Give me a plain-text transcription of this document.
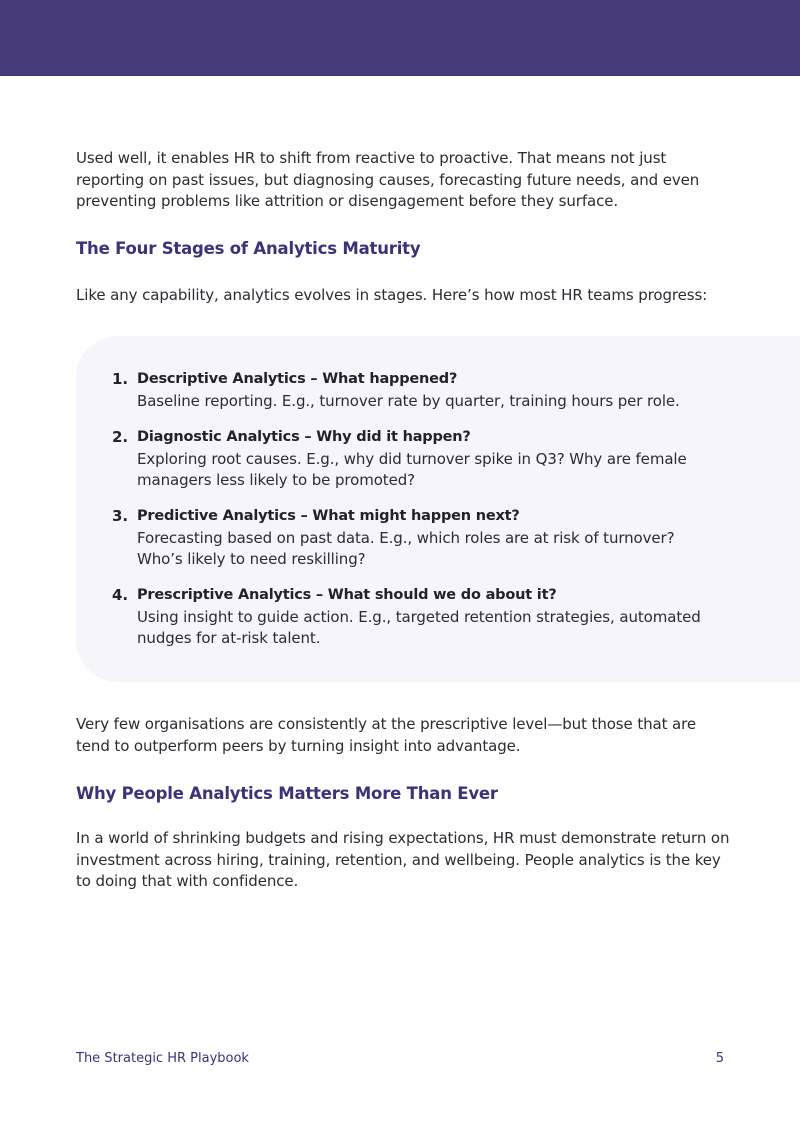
Used well, it enables HR to shift from reactive to proactive. That means not just
reporting on past issues, but diagnosing causes, forecasting future needs, and even
preventing problems like attrition or disengagement before they surface.

The Four Stages of Analytics Maturity

Like any capability, analytics evolves in stages. Here’s how most HR teams progress:

1. Descriptive Analytics – What happened?

Baseline reporting. E.g., turnover rate by quarter, training hours per role.

2. Diagnostic Analytics – Why did it happen?

Exploring root causes. E.g., why did turnover spike in Q3? Why are female
managers less likely to be promoted?

3. Predictive Analytics – What might happen next?

Forecasting based on past data. E.g., which roles are at risk of turnover?
Who’s likely to need reskilling?

4. Prescriptive Analytics – What should we do about it?

Using insight to guide action. E.g., targeted retention strategies, automated
nudges for at-risk talent.

Very few organisations are consistently at the prescriptive level—but those that are
tend to outperform peers by turning insight into advantage.

Why People Analytics Matters More Than Ever

In a world of shrinking budgets and rising expectations, HR must demonstrate return on
investment across hiring, training, retention, and wellbeing. People analytics is the key
to doing that with confidence.

The Strategic HR Playbook	5
